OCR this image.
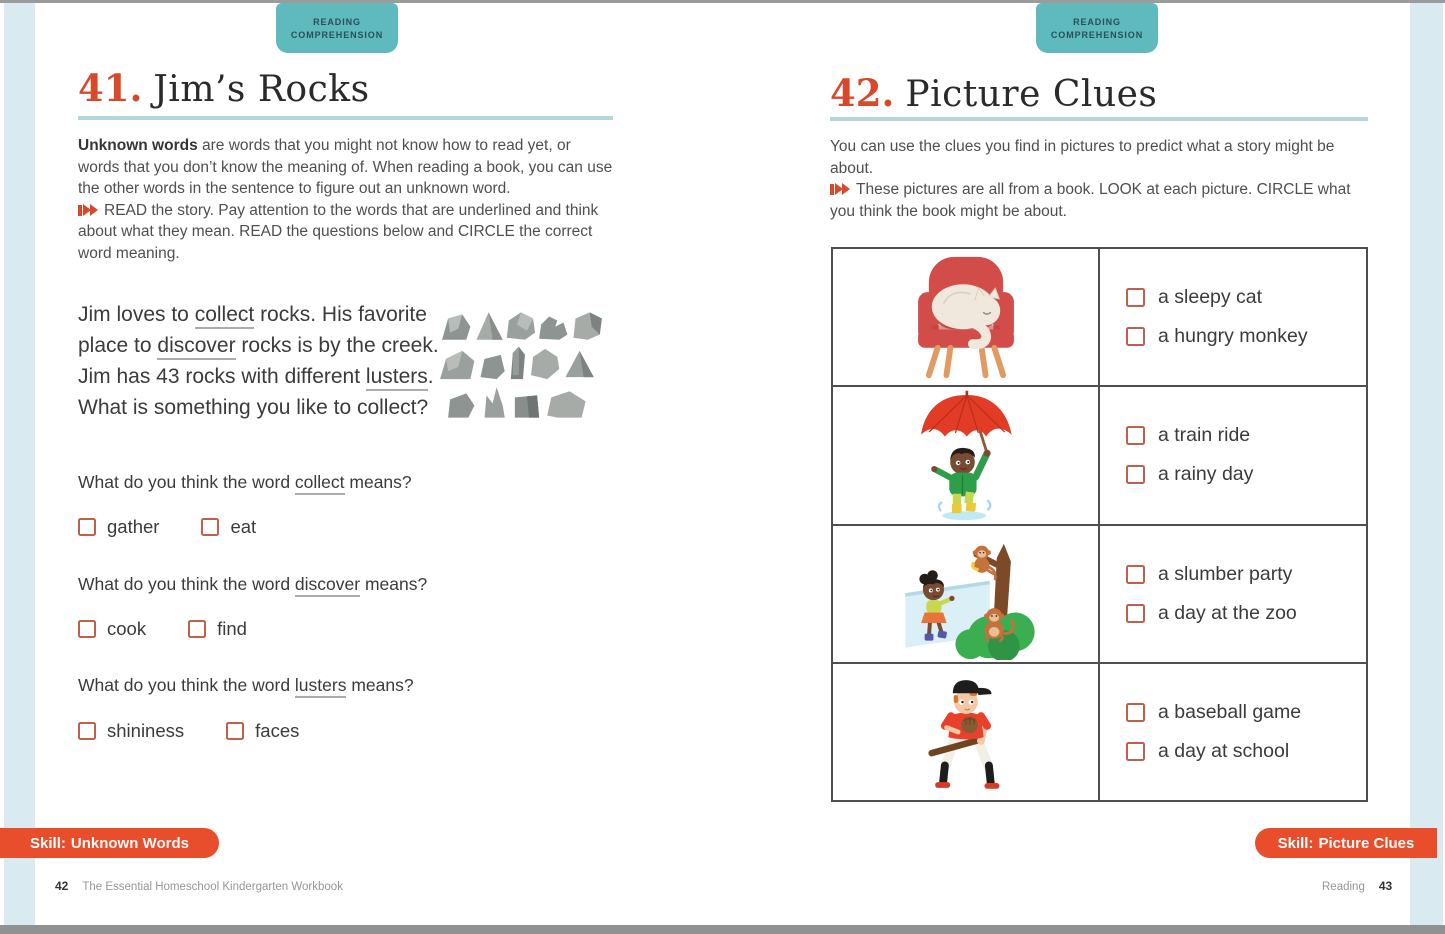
READING
COMPREHENSION
41. Jim’s Rocks
Unknown words are words that you might not know how to read yet, or words that you don’t know the meaning of. When reading a book, you can use the other words in the sentence to figure out an unknown word.
READ the story. Pay attention to the words that are underlined and think about what they mean. READ the questions below and CIRCLE the correct word meaning.
Jim loves to collect rocks. His favorite place to discover rocks is by the creek. Jim has 43 rocks with different lusters. What is something you like to collect?
What do you think the word collect means?
gather	eat
What do you think the word discover means?
cook	find
What do you think the word lusters means?
shininess	faces
Skill: Unknown Words
42 The Essential Homeschool Kindergarten Workbook
READING
COMPREHENSION
42. Picture Clues
You can use the clues you find in pictures to predict what a story might be about.
These pictures are all from a book. LOOK at each picture. CIRCLE what you think the book might be about.
a sleepy cat
a hungry monkey
a train ride
a rainy day
a slumber party
a day at the zoo
a baseball game
a day at school
Skill: Picture Clues
Reading 43
